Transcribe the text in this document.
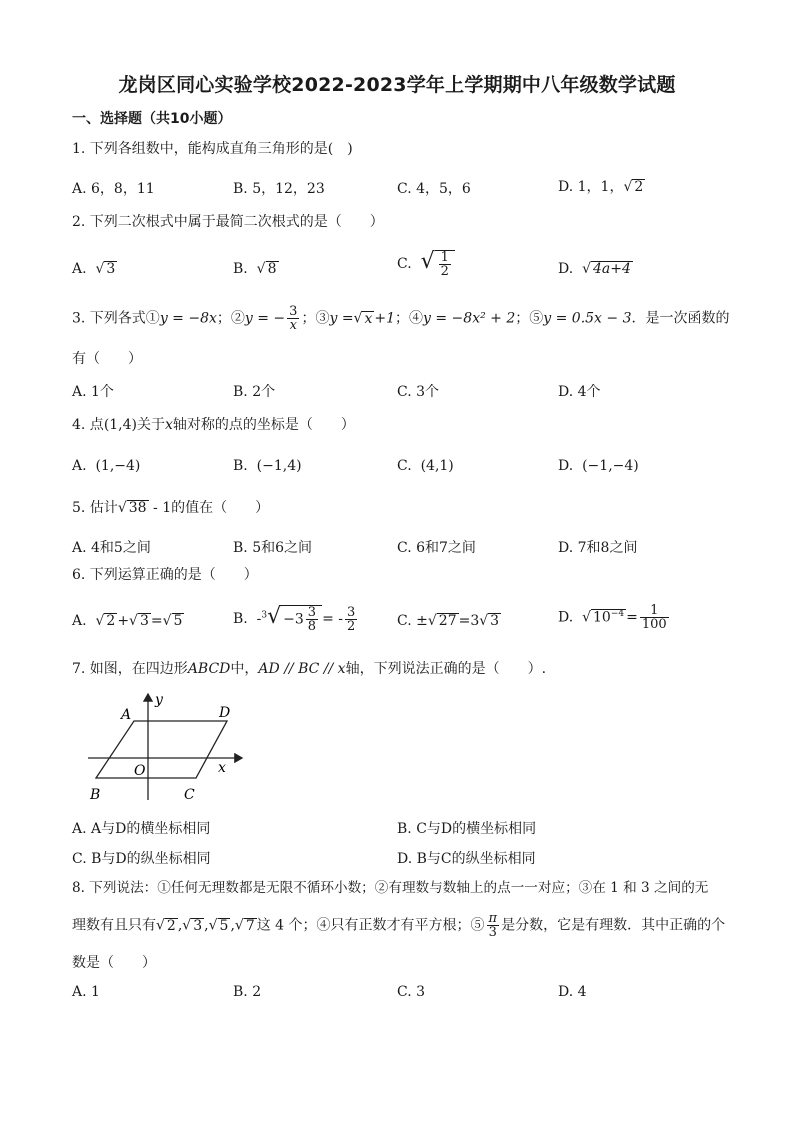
龙岗区同心实验学校2022-2023学年上学期期中八年级数学试题
一、选择题（共10小题）
1. 下列各组数中，能构成直角三角形的是(　)
A. 6，8，11	B. 5，12，23	C. 4，5，6	D. 1，1，√ 2
2. 下列二次根式中属于最简二次根式的是（　　）
A. √ 3	B. √ 8	C. √ $\frac{1}{2}$	D. √ 4a+4
3. 下列各式①y = −8x；②y = − $\frac{3}{x}$ ；③y =√ x +1；④y = −8x² + 2；⑤y = 0.5x − 3．是一次函数的
有（　　）
A. 1个	B. 2个	C. 3个	D. 4个
4. 点(1,4)关于x轴对称的点的坐标是（　　）
A. (1,−4)	B. (−1,4)	C. (4,1)	D. (−1,−4)
5. 估计√ 38 - 1的值在（　　）
A. 4和5之间	B. 5和6之间	C. 6和7之间	D. 7和8之间
6. 下列运算正确的是（　　）
A. √ 2 +√ 3 =√ 5	B. $-^3√ -3 \frac{3}{8}$ = - $\frac{3}{2}$	C. ±√ 27 =3√ 3	D. √ $10^{-4} = \frac{1}{100}$
7. 如图，在四边形ABCD中，AD // BC // x轴，下列说法正确的是（　　）.
A	D
B	C
O	x
y
A. A与D的横坐标相同	B. C与D的横坐标相同
C. B与D的纵坐标相同	D. B与C的纵坐标相同
8. 下列说法：①任何无理数都是无限不循环小数；②有理数与数轴上的点一一对应；③在 1 和 3 之间的无
理数有且只有√ 2 ,√ 3 ,√ 5 ,√ 7 这 4 个；④只有正数才有平方根；⑤ $\frac{\pi}{3}$ 是分数，它是有理数．其中正确的个
数是（　　）
A. 1	B. 2	C. 3	D. 4
